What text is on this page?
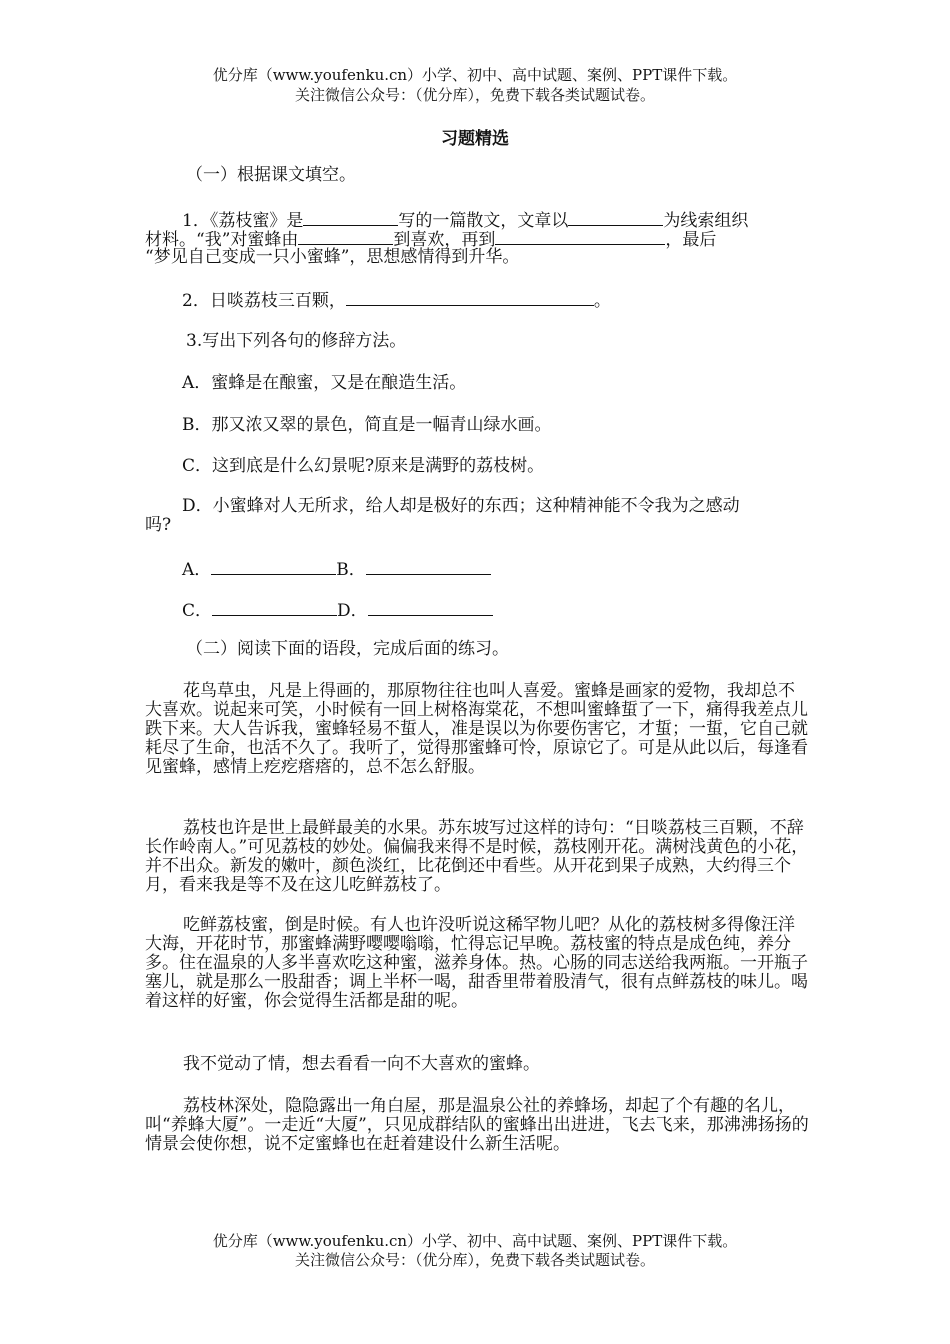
优分库（www.youfenku.cn）小学、初中、高中试题、案例、PPT课件下载。
关注微信公众号：（优分库），免费下载各类试题试卷。
习题精选
（一）根据课文填空。
1．《荔枝蜜》是	写的一篇散文，文章以	为线索组织
材料。“我”对蜜蜂由	到喜欢，再到	，最后
“梦见自己变成一只小蜜蜂”，思想感情得到升华。
2．日啖荔枝三百颗，	。
3.写出下列各句的修辞方法。
A．蜜蜂是在酿蜜，又是在酿造生活。
B．那又浓又翠的景色，简直是一幅青山绿水画。
C．这到底是什么幻景呢?原来是满野的荔枝树。
D．小蜜蜂对人无所求，给人却是极好的东西；这种精神能不令我为之感动
吗?
A．	B．
C．	D．
（二）阅读下面的语段，完成后面的练习。
花鸟草虫，凡是上得画的，那原物往往也叫人喜爱。蜜蜂是画家的爱物，我却总不大喜欢。说起来可笑，小时候有一回上树格海棠花，不想叫蜜蜂蜇了一下，痛得我差点儿跌下来。大人告诉我，蜜蜂轻易不蜇人，准是误以为你要伤害它，才蜇；一蜇，它自己就耗尽了生命，也活不久了。我听了，觉得那蜜蜂可怜，原谅它了。可是从此以后，每逢看见蜜蜂，感情上疙疙瘩瘩的，总不怎么舒服。
荔枝也许是世上最鲜最美的水果。苏东坡写过这样的诗句：“日啖荔枝三百颗，不辞长作岭南人。”可见荔枝的妙处。偏偏我来得不是时候，荔枝刚开花。满树浅黄色的小花，并不出众。新发的嫩叶，颜色淡红，比花倒还中看些。从开花到果子成熟，大约得三个月，看来我是等不及在这儿吃鲜荔枝了。
吃鲜荔枝蜜，倒是时候。有人也许没听说这稀罕物儿吧？从化的荔枝树多得像汪洋大海，开花时节，那蜜蜂满野嘤嘤嗡嗡，忙得忘记早晚。荔枝蜜的特点是成色纯，养分多。住在温泉的人多半喜欢吃这种蜜，滋养身体。热。心肠的同志送给我两瓶。一开瓶子塞儿，就是那么一股甜香；调上半杯一喝，甜香里带着股清气，很有点鲜荔枝的味儿。喝着这样的好蜜，你会觉得生活都是甜的呢。
我不觉动了情，想去看看一向不大喜欢的蜜蜂。
荔枝林深处，隐隐露出一角白屋，那是温泉公社的养蜂场，却起了个有趣的名儿，叫“养蜂大厦”。一走近“大厦”，只见成群结队的蜜蜂出出进进，飞去飞来，那沸沸扬扬的情景会使你想，说不定蜜蜂也在赶着建设什么新生活呢。
优分库（www.youfenku.cn）小学、初中、高中试题、案例、PPT课件下载。
关注微信公众号：（优分库），免费下载各类试题试卷。
